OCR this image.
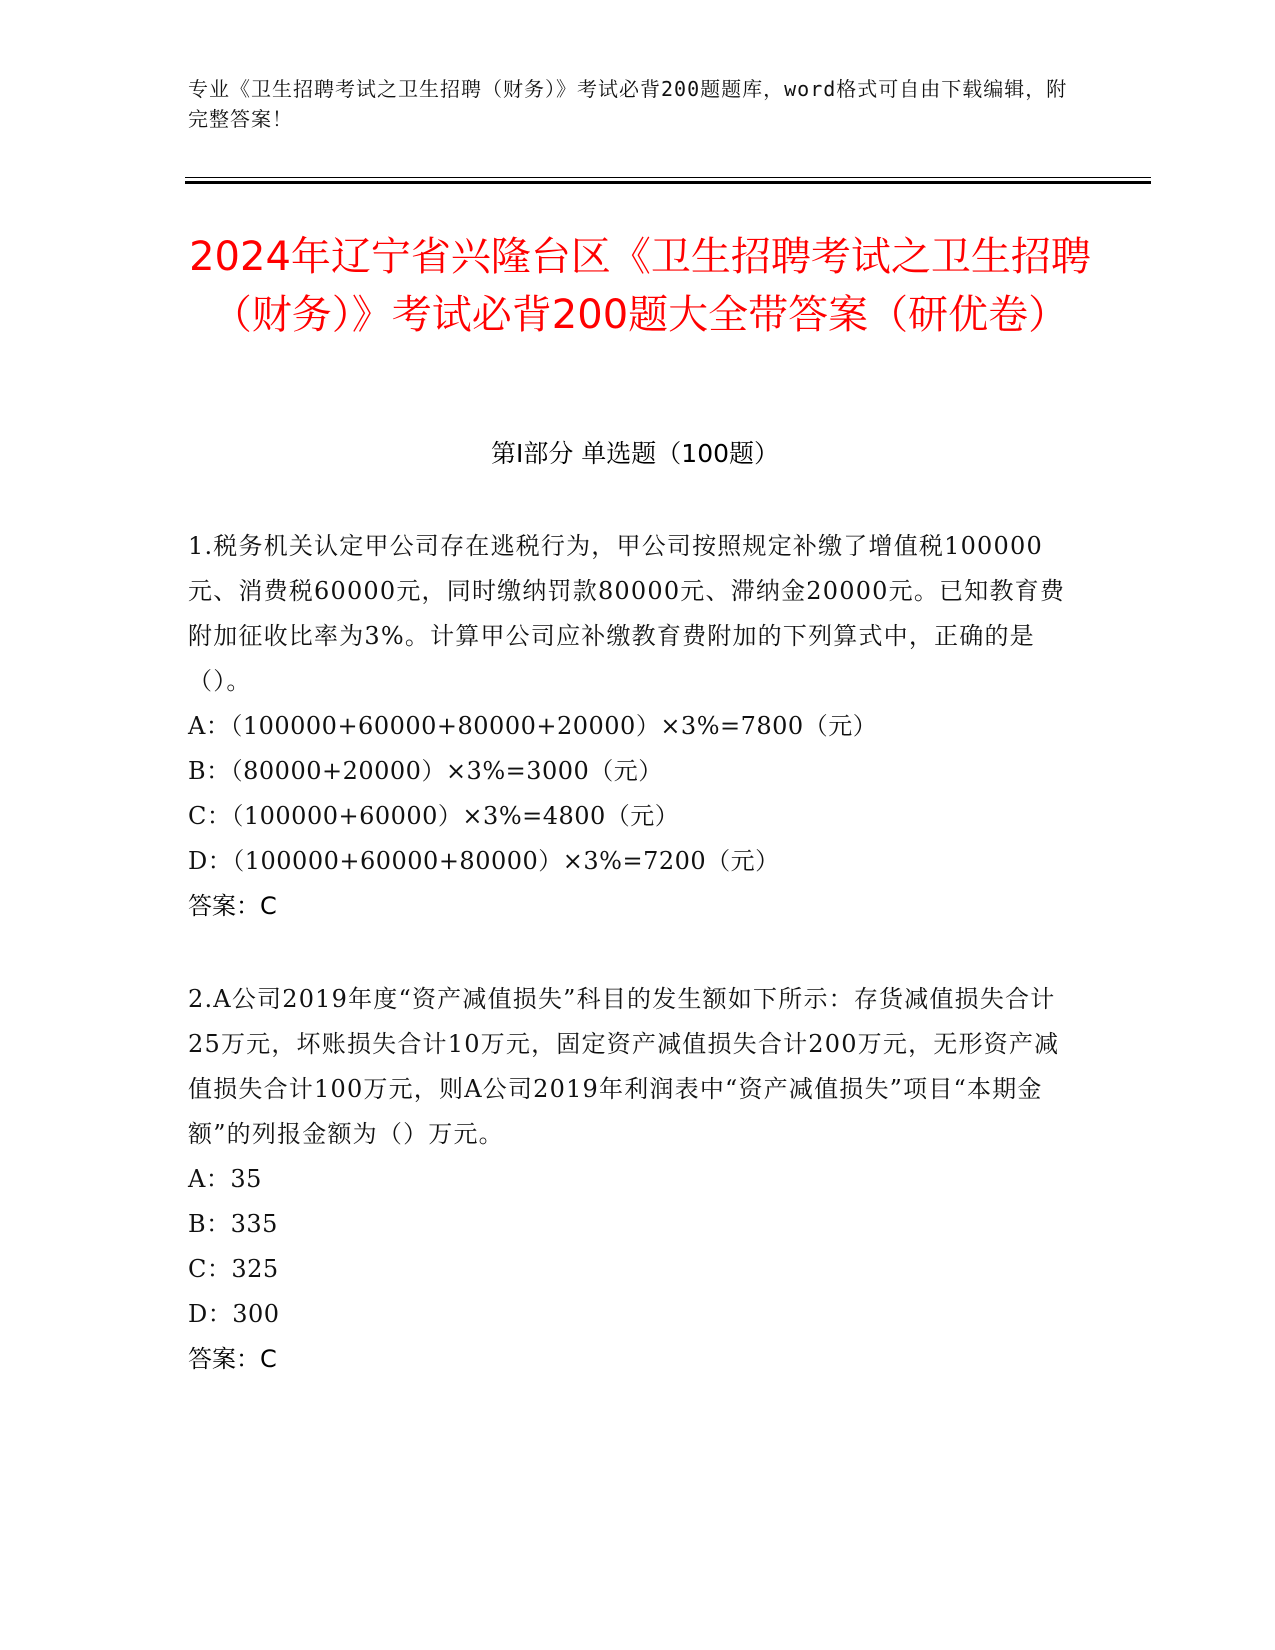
专业《卫生招聘考试之卫生招聘（财务）》考试必背200题题库，word格式可自由下载编辑，附完整答案！
2024年辽宁省兴隆台区《卫生招聘考试之卫生招聘（财务）》考试必背200题大全带答案（研优卷）
第Ⅰ部分 单选题（100题）

1.税务机关认定甲公司存在逃税行为，甲公司按照规定补缴了增值税100000元、消费税60000元，同时缴纳罚款80000元、滞纳金20000元。已知教育费附加征收比率为3%。计算甲公司应补缴教育费附加的下列算式中，正确的是（）。

A：（100000+60000+80000+20000）×3%=7800（元）

B：（80000+20000）×3%=3000（元）

C：（100000+60000）×3%=4800（元）

D：（100000+60000+80000）×3%=7200（元）

答案：C

2.A公司2019年度“资产减值损失”科目的发生额如下所示：存货减值损失合计25万元，坏账损失合计10万元，固定资产减值损失合计200万元，无形资产减值损失合计100万元，则A公司2019年利润表中“资产减值损失”项目“本期金额”的列报金额为（）万元。

A：35

B：335

C：325

D：300

答案：C
